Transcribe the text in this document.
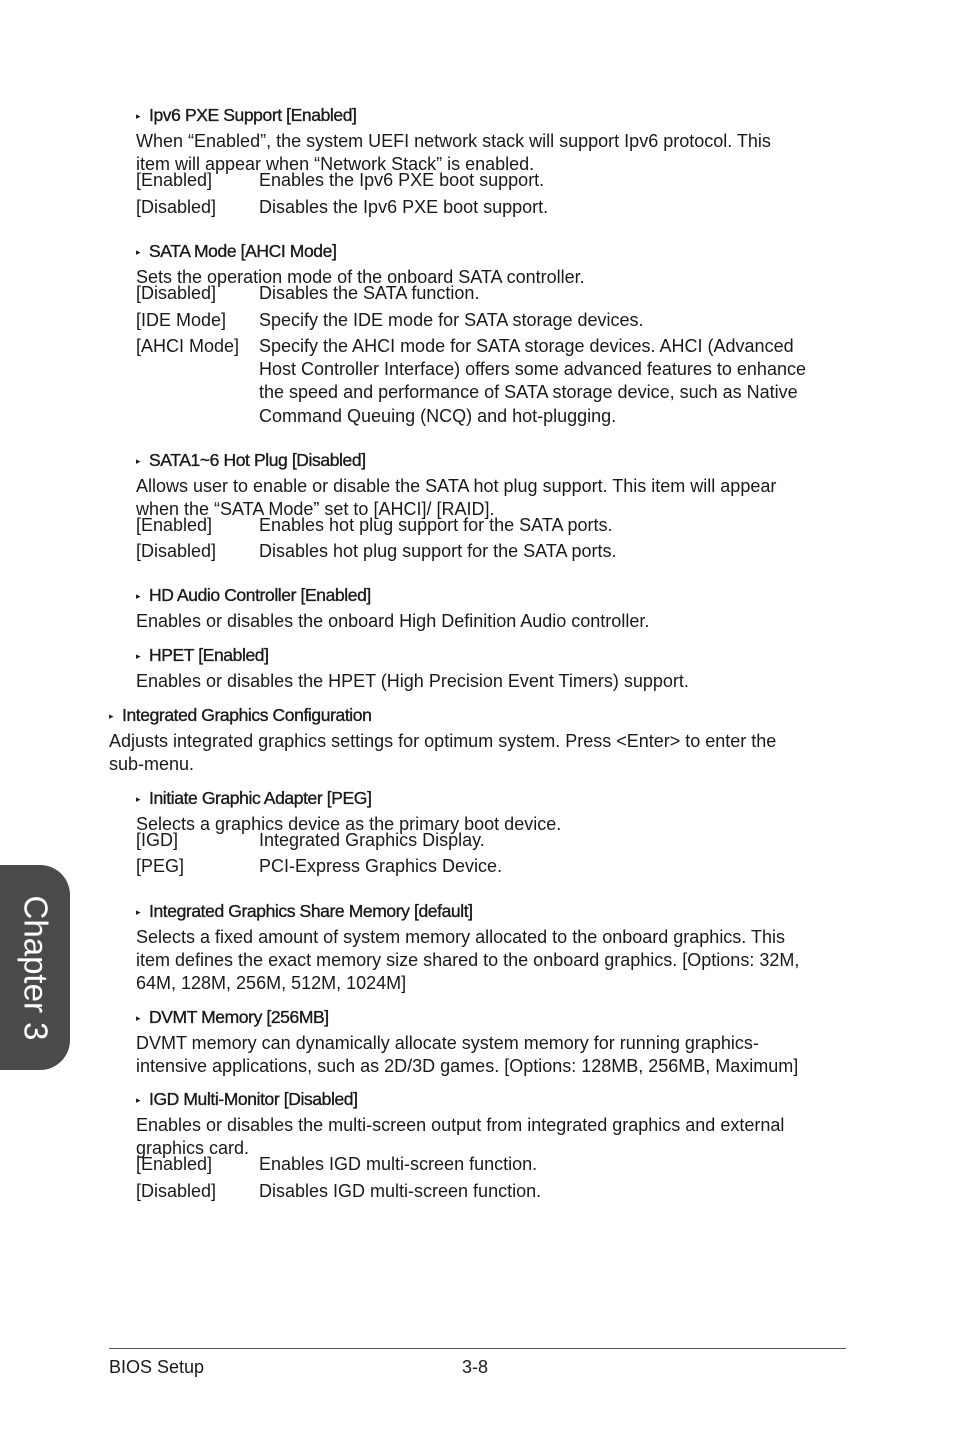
▸ Ipv6 PXE Support [Enabled]
When “Enabled”, the system UEFI network stack will support Ipv6 protocol. This
item will appear when “Network Stack” is enabled.
[Enabled]	Enables the Ipv6 PXE boot support.
[Disabled] Disables the Ipv6 PXE boot support.
▸ SATA Mode [AHCI Mode]
Sets the operation mode of the onboard SATA controller.
[Disabled] Disables the SATA function.
[IDE Mode] Specify the IDE mode for SATA storage devices.
[AHCI Mode] Specify the AHCI mode for SATA storage devices. AHCI (Advanced
Host Controller Interface) offers some advanced features to enhance
the speed and performance of SATA storage device, such as Native
Command Queuing (NCQ) and hot-plugging.
▸ SATA1~6 Hot Plug [Disabled]
Allows user to enable or disable the SATA hot plug support. This item will appear
when the “SATA Mode” set to [AHCI]/ [RAID].
[Enabled]	Enables hot plug support for the SATA ports.
[Disabled] Disables hot plug support for the SATA ports.
▸ HD Audio Controller [Enabled]
Enables or disables the onboard High Definition Audio controller.
▸ HPET [Enabled]
Enables or disables the HPET (High Precision Event Timers) support.
▸ Integrated Graphics Configuration
Adjusts integrated graphics settings for optimum system. Press <Enter> to enter the
sub-menu.
▸ Initiate Graphic Adapter [PEG]
Selects a graphics device as the primary boot device.
[IGD]	Integrated Graphics Display.
[PEG]	PCI-Express Graphics Device.
▸ Integrated Graphics Share Memory [default]
Selects a fixed amount of system memory allocated to the onboard graphics. This
item defines the exact memory size shared to the onboard graphics. [Options: 32M,
64M, 128M, 256M, 512M, 1024M]
▸ DVMT Memory [256MB]
DVMT memory can dynamically allocate system memory for running graphics-
intensive applications, such as 2D/3D games. [Options: 128MB, 256MB, Maximum]
▸ IGD Multi-Monitor [Disabled]
Enables or disables the multi-screen output from integrated graphics and external
graphics card.
[Enabled]	Enables IGD multi-screen function.
[Disabled] Disables IGD multi-screen function.
Chapter 3
BIOS Setup	3-8
